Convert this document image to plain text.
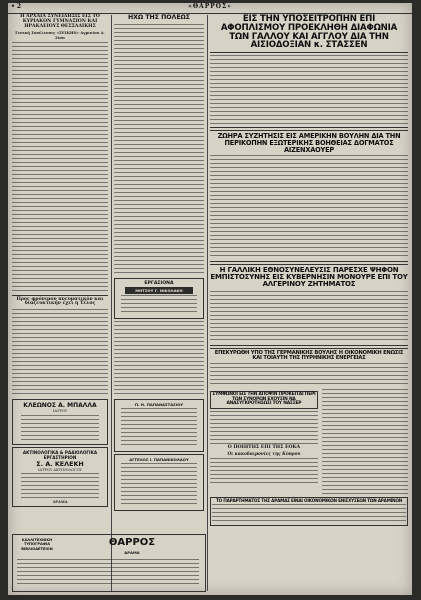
• 2	«ΘΑΡΡΟΣ»
Η ΑΡΧΑΙΑ ΣΥΝΕΙΔΗΣΙΣ ΕΙΣ ΤΟ ΚΥΡΙΑΚΟΝ ΓΥΜΝΑΣΙΟΝ ΚΑΙ ΗΡΑΚΛΕΙΟΥΣ ΘΕΣΣΑΛΙΚΗΣ
Γενική Συνέλευσις «ΣΥΣΚΗΝ» Αγρινίου Δ. Σίσα
Προς φρόνιμον πνευματικόν και διαζευκτικήν έχει η Τέλος
ΚΛΕΩΝΟΣ Α. ΜΠΑΛΛΑ
ΙΑΤΡΟΥ
ΑΚΤΙΝΟΛΟΓΙΚΑ & ΡΑΔΙΟΛΟΓΙΚΑ ΕΡΓΑΣΤΗΡΙΟΝ
Σ. Α. ΚΕΛΕΚΗ
ΙΑΤΡΟΥ ΑΚΤΙΝΟΛΟΓΟΥ
ΔΡΑΜΑ
ΗΧΩ ΤΗΣ ΠΟΛΕΩΣ
ΕΡΓΑΣΙΟΝΑ
ΜΗΤΣΟΥ Γ. ΝΙΚΟΛΑΚΗ
Π. Η. ΠΑΠΑΝΑΣΤΑΣΙΟΥ
ΑΓΓΕΛΟΣ Ι. ΠΑΠΑΝΙΚΟΛΑΟΥ
ΕΙΣ ΤΗΝ ΥΠΟΣΕΙΤΡΟΠΗΝ ΕΠΙ ΑΦΟΠΛΙΣΜΟΥ ΠΡΟΕΚΛΗΘΗ ΔΙΑΦΩΝΙΑ ΤΩΝ ΓΑΛΛΟΥ ΚΑΙ ΑΓΓΛΟΥ ΔΙΑ ΤΗΝ ΑΙΣΙΟΔΟΞΙΑΝ κ. ΣΤΑΣΣΕΝ
ΖΩΗΡΑ ΣΥΖΗΤΗΣΙΣ ΕΙΣ ΑΜΕΡΙΚΗΝ ΒΟΥΛΗΝ ΔΙΑ ΤΗΝ ΠΕΡΙΚΟΠΗΝ ΕΞΩΤΕΡΙΚΗΣ ΒΟΗΘΕΙΑΣ ΔΟΓΜΑΤΟΣ ΑΙΖΕΝΧΑΟΥΕΡ
Η ΓΑΛΛΙΚΗ ΕΘΝΟΣΥΝΕΛΕΥΣΙΣ ΠΑΡΕΣΧΕ ΨΗΦΟΝ ΕΜΠΙΣΤΟΣΥΝΗΣ ΕΙΣ ΚΥΒΕΡΝΗΣΙΝ ΜΟΝΟΥΡΕ ΕΠΙ ΤΟΥ ΑΛΓΕΡΙΝΟΥ ΖΗΤΗΜΑΤΟΣ
ΕΠΕΚΥΡΩΘΗ ΥΠΟ ΤΗΣ ΓΕΡΜΑΝΙΚΗΣ ΒΟΥΛΗΣ Η ΟΙΚΟΝΟΜΙΚΗ ΕΝΩΣΙΣ ΚΑΙ ΤΟΙΑΥΤΗ ΤΗΣ ΠΥΡΗΝΙΚΗΣ ΕΝΕΡΓΕΙΑΣ
ΣΥΜΦΩΝΟΙ ΕΙΣ ΤΗΝ ΑΠΟΨΙΝ ΠΡΟΚΕΙΤΑΙ ΠΕΡΙ ΤΩΝ ΣΥΝΟΡΩΝ ΕΧΟΥΣΙΝ ΝΑ ΑΝΑΣΥΓΚΡΟΤΗΣΩΣΙ ΤΟΥ ΝΑΣΣΕΡ
Ο ΠΟΙΗΤΗΣ ΕΠΙ ΤΗΣ ΕΟΚΑ
Οι κακοδαιμονίες της Κύπρου
ΤΟ ΠΑΡΑΡΤΗΜΑΤΟΣ ΤΗΣ ΔΡΑΜΑΣ ΕΙΝΑΙ ΟΙΚΟΝΟΜΙΚΩΝ ΕΝΙΣΧΥΣΕΩΝ ΤΩΝ ΔΡΑΜΙΝΩΝ
ΚΑΛΛΙΤΕΧΝΙΚΗ ΤΥΠΟΓΡΑΦΙΑ ΒΙΒΛΙΟΔΕΤΕΙΟΝ
ΘΑΡΡΟΣ
ΔΡΑΜΑ
